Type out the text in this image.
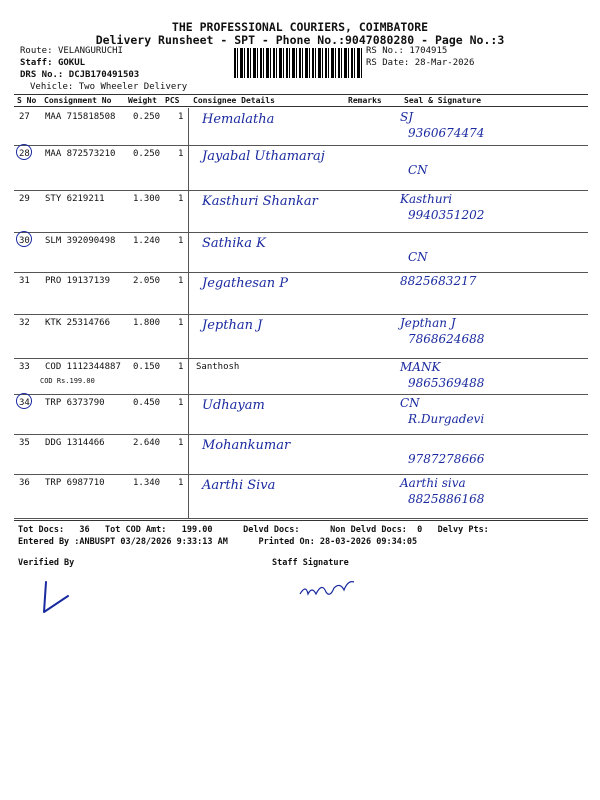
THE PROFESSIONAL COURIERS, COIMBATORE
Delivery Runsheet - SPT - Phone No.:9047080280 - Page No.:3
Route: VELANGURUCHI
Staff: GOKUL
DRS No.: DCJB170491503
Vehicle: Two Wheeler Delivery
RS No.: 1704915
RS Date: 28-Mar-2026
S No Consignment No Weight PCS Consignee Details	Remarks	Seal & Signature
27 MAA 715818508 0.250 1 Hemalatha	SJ
9360674474
28 MAA 872573210 0.250 1 Jayabal Uthamaraj
CN
29 STY 6219211	1.300 1 Kasthuri Shankar	Kasthuri
9940351202
30 SLM 392090498 1.240 1 Sathika K
CN
31 PRO 19137139	2.050 1 Jegathesan P	8825683217
32 KTK 25314766	1.800 1 Jepthan J	Jepthan J
7868624688
33 COD 1112344887 0.150 1 Santhosh
COD Rs.199.00
MANK
9865369488
34 TRP 6373790	0.450 1 Udhayam	CN
R.Durgadevi
35 DDG 1314466	2.640 1 Mohankumar
9787278666
36 TRP 6987710	1.340 1 Aarthi Siva	Aarthi siva
8825886168
Tot Docs:   36   Tot COD Amt:   199.00      Delvd Docs:      Non Delvd Docs:  0   Delvy Pts:
Entered By :ANBUSPT 03/28/2026 9:33:13 AM      Printed On: 28-03-2026 09:34:05
Verified By	Staff Signature
